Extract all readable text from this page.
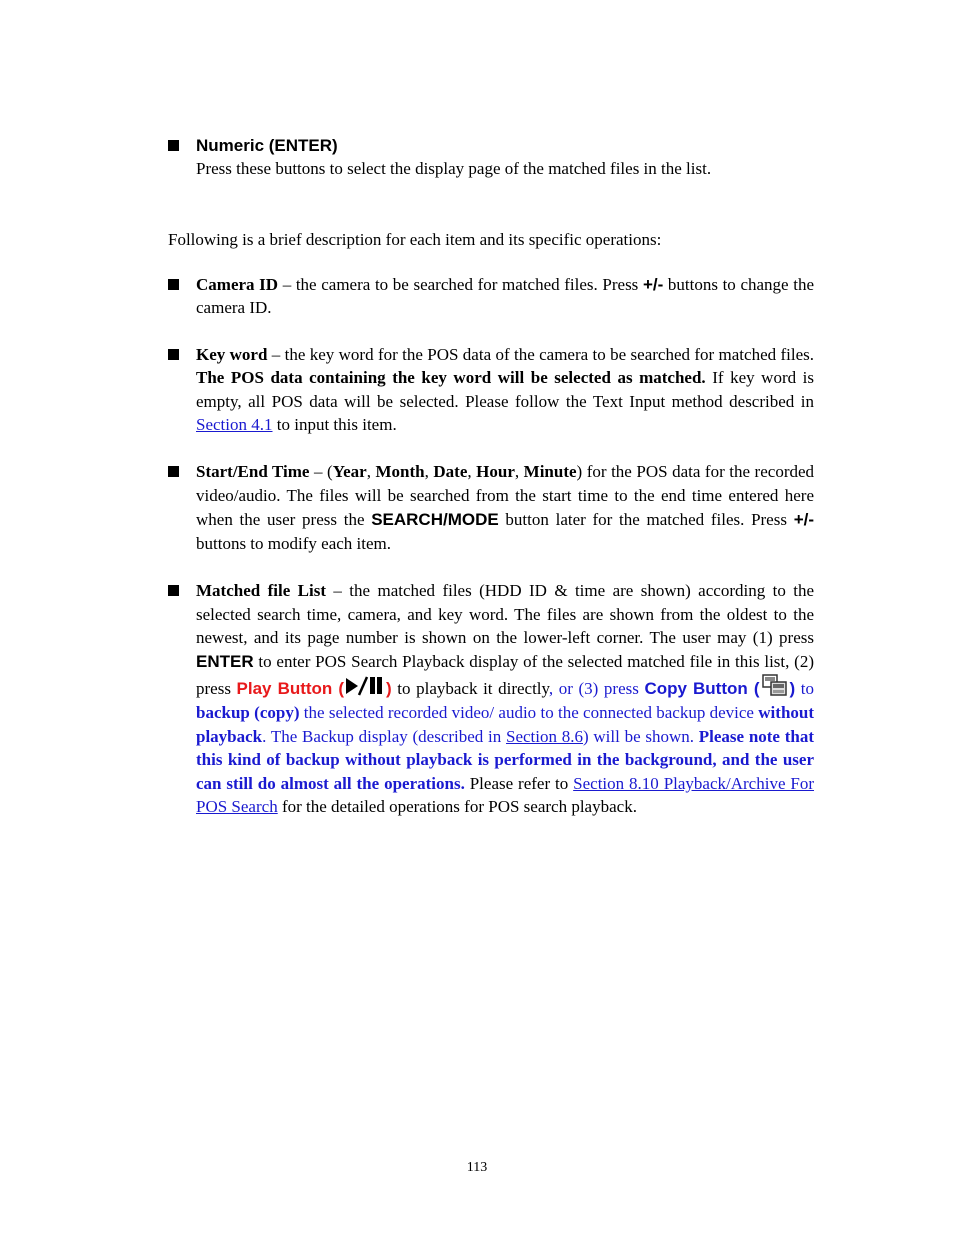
Numeric (ENTER)

Press these buttons to select the display page of the matched files in the list.

Following is a brief description for each item and its specific operations:
Camera ID – the camera to be searched for matched files. Press +/- buttons to change the camera ID.
Key word – the key word for the POS data of the camera to be searched for matched files. The POS data containing the key word will be selected as matched. If key word is empty, all POS data will be selected. Please follow the Text Input method described in Section 4.1 to input this item.
Start/End Time – (Year, Month, Date, Hour, Minute) for the POS data for the recorded video/audio. The files will be searched from the start time to the end time entered here when the user press the SEARCH/MODE button later for the matched files. Press +/- buttons to modify each item.
Matched file List – the matched files (HDD ID & time are shown) according to the selected search time, camera, and key word. The files are shown from the oldest to the newest, and its page number is shown on the lower-left corner. The user may (1) press ENTER to enter POS Search Playback display of the selected matched file in this list, (2) press Play Button ( ) to playback it directly, or (3) press Copy Button ( ) to backup (copy) the selected recorded video/ audio to the connected backup device without playback. The Backup display (described in Section 8.6) will be shown. Please note that this kind of backup without playback is performed in the background, and the user can still do almost all the operations. Please refer to Section 8.10 Playback/Archive For POS Search for the detailed operations for POS search playback.
113
